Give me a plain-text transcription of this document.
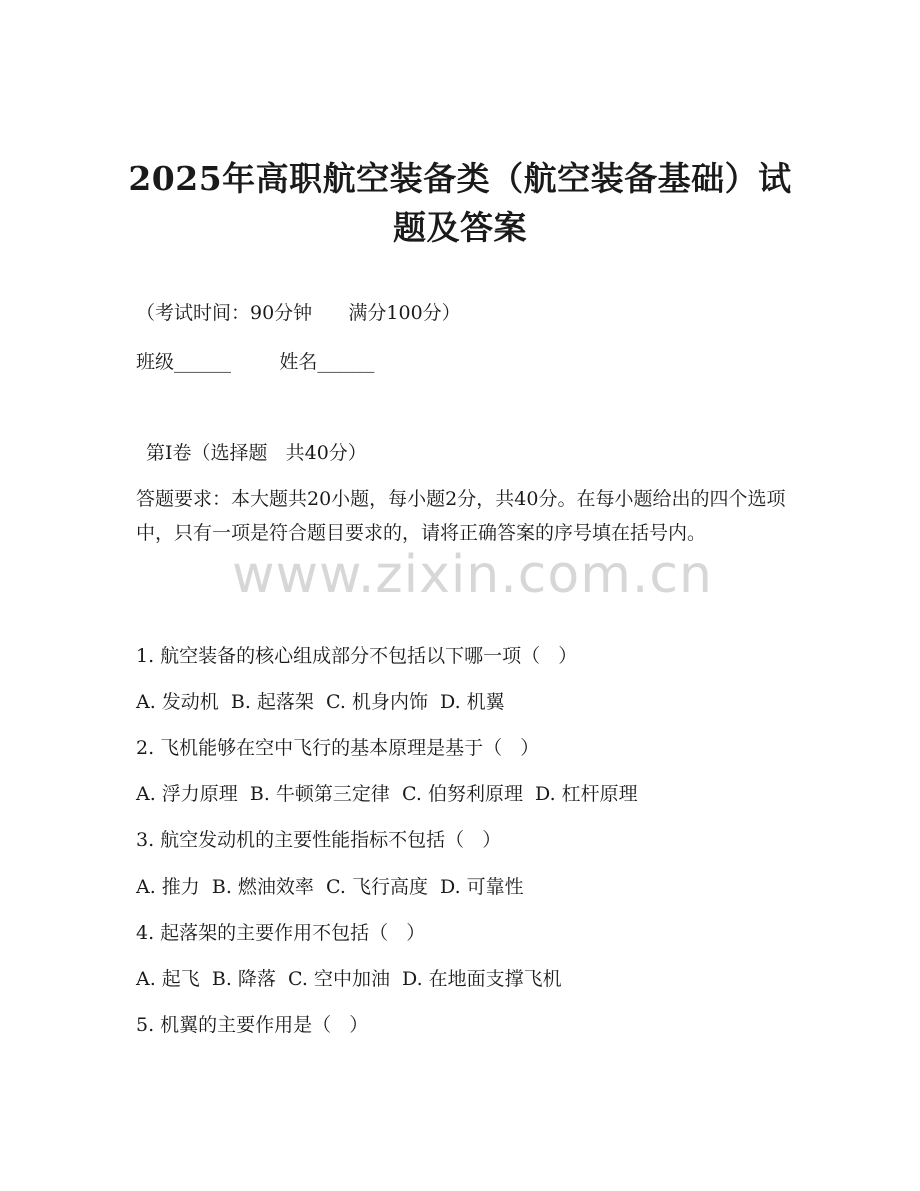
2025年高职航空装备类（航空装备基础）试
题及答案
（考试时间：90分钟      满分100分）
班级______        姓名______
第I卷（选择题   共40分）
答题要求：本大题共20小题，每小题2分，共40分。在每小题给出的四个选项中，只有一项是符合题目要求的，请将正确答案的序号填在括号内。
1. 航空装备的核心组成部分不包括以下哪一项（   ）
A. 发动机  B. 起落架  C. 机身内饰  D. 机翼
2. 飞机能够在空中飞行的基本原理是基于（   ）
A. 浮力原理  B. 牛顿第三定律  C. 伯努利原理  D. 杠杆原理
3. 航空发动机的主要性能指标不包括（   ）
A. 推力  B. 燃油效率  C. 飞行高度  D. 可靠性
4. 起落架的主要作用不包括（   ）
A. 起飞  B. 降落  C. 空中加油  D. 在地面支撑飞机
5. 机翼的主要作用是（   ）
www.zixin.com.cn
